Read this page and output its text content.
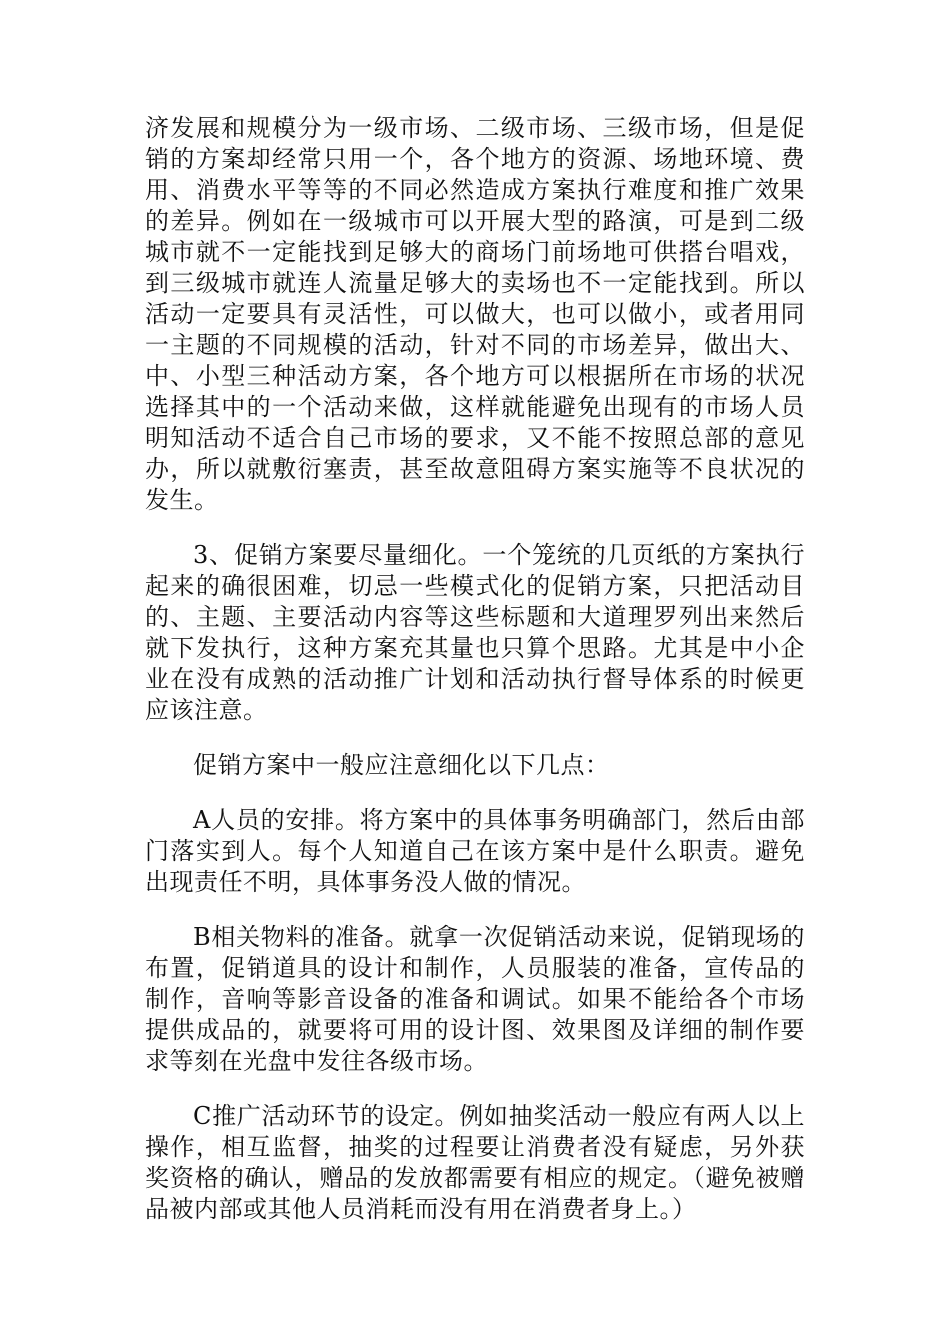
济发展和规模分为一级市场、二级市场、三级市场，但是促销的方案却经常只用一个，各个地方的资源、场地环境、费用、消费水平等等的不同必然造成方案执行难度和推广效果的差异。例如在一级城市可以开展大型的路演，可是到二级城市就不一定能找到足够大的商场门前场地可供搭台唱戏，到三级城市就连人流量足够大的卖场也不一定能找到。所以活动一定要具有灵活性，可以做大，也可以做小，或者用同一主题的不同规模的活动，针对不同的市场差异，做出大、中、小型三种活动方案，各个地方可以根据所在市场的状况选择其中的一个活动来做，这样就能避免出现有的市场人员明知活动不适合自己市场的要求，又不能不按照总部的意见办，所以就敷衍塞责，甚至故意阻碍方案实施等不良状况的发生。

3、促销方案要尽量细化。一个笼统的几页纸的方案执行起来的确很困难，切忌一些模式化的促销方案，只把活动目的、主题、主要活动内容等这些标题和大道理罗列出来然后就下发执行，这种方案充其量也只算个思路。尤其是中小企业在没有成熟的活动推广计划和活动执行督导体系的时候更应该注意。

促销方案中一般应注意细化以下几点：

A人员的安排。将方案中的具体事务明确部门，然后由部门落实到人。每个人知道自己在该方案中是什么职责。避免出现责任不明，具体事务没人做的情况。

B相关物料的准备。就拿一次促销活动来说，促销现场的布置，促销道具的设计和制作，人员服装的准备，宣传品的制作，音响等影音设备的准备和调试。如果不能给各个市场提供成品的，就要将可用的设计图、效果图及详细的制作要求等刻在光盘中发往各级市场。

C推广活动环节的设定。例如抽奖活动一般应有两人以上操作，相互监督，抽奖的过程要让消费者没有疑虑，另外获奖资格的确认，赠品的发放都需要有相应的规定。（避免被赠品被内部或其他人员消耗而没有用在消费者身上。）
